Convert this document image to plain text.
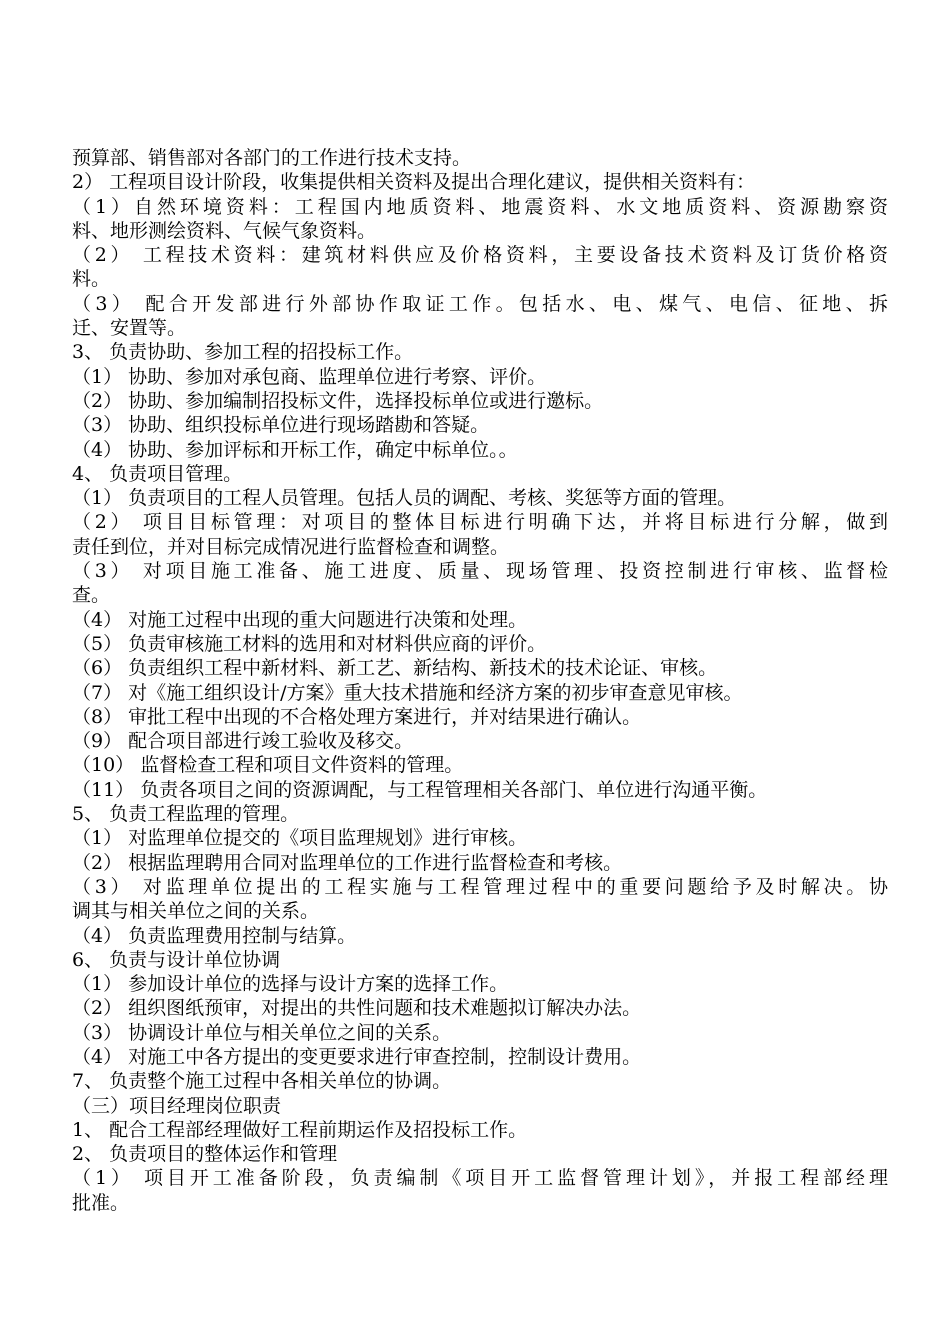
预算部、销售部对各部门的工作进行技术支持。
2） 工程项目设计阶段，收集提供相关资料及提出合理化建议，提供相关资料有：
（1）自然环境资料：工程国内地质资料、地震资料、水文地质资料、资源勘察资
料、地形测绘资料、气候气象资料。
（2） 工程技术资料：建筑材料供应及价格资料，主要设备技术资料及订货价格资
料。
（3） 配合开发部进行外部协作取证工作。包括水、电、煤气、电信、征地、拆
迁、安置等。
3、 负责协助、参加工程的招投标工作。
（1） 协助、参加对承包商、监理单位进行考察、评价。
（2） 协助、参加编制招投标文件，选择投标单位或进行邀标。
（3） 协助、组织投标单位进行现场踏勘和答疑。
（4） 协助、参加评标和开标工作，确定中标单位。。
4、 负责项目管理。
（1） 负责项目的工程人员管理。包括人员的调配、考核、奖惩等方面的管理。
（2） 项目目标管理：对项目的整体目标进行明确下达，并将目标进行分解，做到
责任到位，并对目标完成情况进行监督检查和调整。
（3） 对项目施工准备、施工进度、质量、现场管理、投资控制进行审核、监督检
查。
（4） 对施工过程中出现的重大问题进行决策和处理。
（5） 负责审核施工材料的选用和对材料供应商的评价。
（6） 负责组织工程中新材料、新工艺、新结构、新技术的技术论证、审核。
（7） 对《施工组织设计/方案》重大技术措施和经济方案的初步审查意见审核。
（8） 审批工程中出现的不合格处理方案进行，并对结果进行确认。
（9） 配合项目部进行竣工验收及移交。
（10） 监督检查工程和项目文件资料的管理。
（11） 负责各项目之间的资源调配，与工程管理相关各部门、单位进行沟通平衡。
5、 负责工程监理的管理。
（1） 对监理单位提交的《项目监理规划》进行审核。
（2） 根据监理聘用合同对监理单位的工作进行监督检查和考核。
（3） 对监理单位提出的工程实施与工程管理过程中的重要问题给予及时解决。协
调其与相关单位之间的关系。
（4） 负责监理费用控制与结算。
6、 负责与设计单位协调
（1） 参加设计单位的选择与设计方案的选择工作。
（2） 组织图纸预审，对提出的共性问题和技术难题拟订解决办法。
（3） 协调设计单位与相关单位之间的关系。
（4） 对施工中各方提出的变更要求进行审查控制，控制设计费用。
7、 负责整个施工过程中各相关单位的协调。
（三）项目经理岗位职责
1、 配合工程部经理做好工程前期运作及招投标工作。
2、 负责项目的整体运作和管理
（1） 项目开工准备阶段，负责编制《项目开工监督管理计划》，并报工程部经理
批准。
